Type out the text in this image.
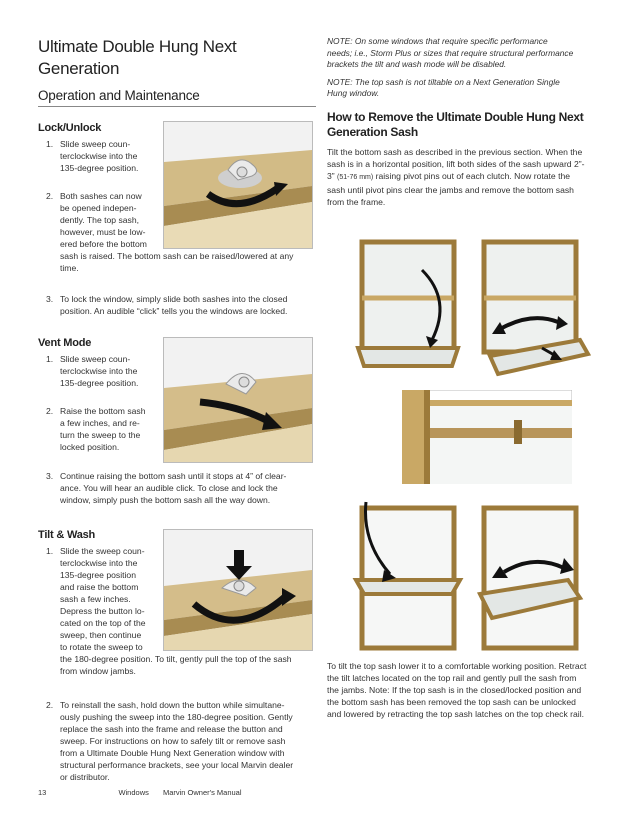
Ultimate Double Hung Next
Generation
Operation and Maintenance
Lock/Unlock
1. Slide sweep coun-
terclockwise into the
135-degree position.
2. Both sashes can now
be opened indepen-
dently. The top sash,
however, must be low-
ered before the bottom
sash is raised. The bottom sash can be raised/lowered at any
time.
3. To lock the window, simply slide both sashes into the closed
position. An audible “click” tells you the windows are locked.
Vent Mode
1. Slide sweep coun-
terclockwise into the
135-degree position.
2. Raise the bottom sash
a few inches, and re-
turn the sweep to the
locked position.
3. Continue raising the bottom sash until it stops at 4” of clear-
ance. You will hear an audible click. To close and lock the
window, simply push the bottom sash all the way down.
Tilt & Wash
1. Slide the sweep coun-
terclockwise into the
135-degree position
and raise the bottom
sash a few inches.
Depress the button lo-
cated on the top of the
sweep, then continue
to rotate the sweep to
the 180-degree position. To tilt, gently pull the top of the sash
from window jambs.
2. To reinstall the sash, hold down the button while simultane-
ously pushing the sweep into the 180-degree position. Gently
replace the sash into the frame and release the button and
sweep. For instructions on how to safely tilt or remove sash
from a Ultimate Double Hung Next Generation window with
structural performance brackets, see your local Marvin dealer
or distributor.

NOTE: On some windows that require specific performance
needs; i.e., Storm Plus or sizes that require structural performance
brackets the tilt and wash mode will be disabled.

NOTE: The top sash is not tiltable on a Next Generation Single
Hung window.

How to Remove the Ultimate Double Hung Next
Generation Sash

Tilt the bottom sash as described in the previous section. When the
sash is in a horizontal position, lift both sides of the sash upward 2”-
3” (51-76 mm) raising pivot pins out of each clutch. Now rotate the
sash until pivot pins clear the jambs and remove the bottom sash
from the frame.

To tilt the top sash lower it to a comfortable working position. Retract
the tilt latches located on the top rail and gently pull the sash from
the jambs. Note: If the top sash is in the closed/locked position and
the bottom sash has been removed the top sash can be unlocked
and lowered by retracting the top sash latches on the top check rail.

13	Windows Marvin Owner's Manual
